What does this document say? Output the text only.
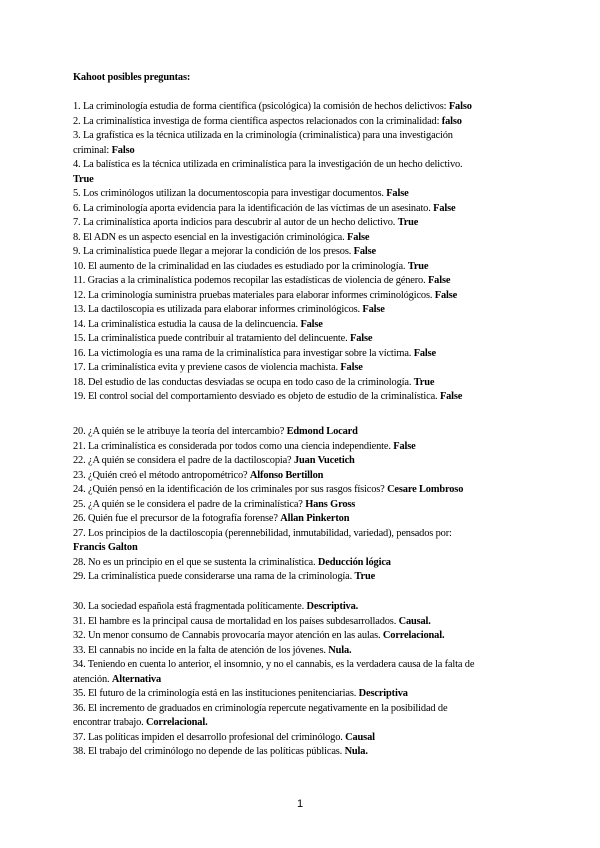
Kahoot posibles preguntas:
1. La criminología estudia de forma científica (psicológica) la comisión de hechos delictivos: Falso
2. La criminalística investiga de forma científica aspectos relacionados con la criminalidad: falso
3. La grafística es la técnica utilizada en la criminología (criminalística) para una investigación
criminal: Falso
4. La balística es la técnica utilizada en criminalística para la investigación de un hecho delictivo.
True
5. Los criminólogos utilizan la documentoscopia para investigar documentos. False
6. La criminología aporta evidencia para la identificación de las víctimas de un asesinato. False
7. La criminalística aporta indicios para descubrir al autor de un hecho delictivo. True
8. El ADN es un aspecto esencial en la investigación criminológica. False
9. La criminalística puede llegar a mejorar la condición de los presos. False
10. El aumento de la criminalidad en las ciudades es estudiado por la criminología. True
11. Gracias a la criminalística podemos recopilar las estadísticas de violencia de género. False
12. La criminología suministra pruebas materiales para elaborar informes criminológicos. False
13. La dactiloscopia es utilizada para elaborar informes criminológicos. False
14. La criminalística estudia la causa de la delincuencia. False
15. La criminalística puede contribuir al tratamiento del delincuente. False
16. La victimología es una rama de la criminalística para investigar sobre la víctima. False
17. La criminalística evita y previene casos de violencia machista. False
18. Del estudio de las conductas desviadas se ocupa en todo caso de la criminología. True
19. El control social del comportamiento desviado es objeto de estudio de la criminalística. False
20. ¿A quién se le atribuye la teoría del intercambio? Edmond Locard
21. La criminalística es considerada por todos como una ciencia independiente. False
22. ¿A quién se considera el padre de la dactiloscopia? Juan Vucetich
23. ¿Quién creó el método antropométrico? Alfonso Bertillon
24. ¿Quién pensó en la identificación de los criminales por sus rasgos físicos? Cesare Lombroso
25. ¿A quién se le considera el padre de la criminalística? Hans Gross
26. Quién fue el precursor de la fotografía forense? Allan Pinkerton
27. Los principios de la dactiloscopia (perennebilidad, inmutabilidad, variedad), pensados por:
Francis Galton
28. No es un principio en el que se sustenta la criminalística. Deducción lógica
29. La criminalística puede considerarse una rama de la criminología. True
30. La sociedad española está fragmentada políticamente. Descriptiva.
31. El hambre es la principal causa de mortalidad en los países subdesarrollados. Causal.
32. Un menor consumo de Cannabis provocaría mayor atención en las aulas. Correlacional.
33. El cannabis no incide en la falta de atención de los jóvenes. Nula.
34. Teniendo en cuenta lo anterior, el insomnio, y no el cannabis, es la verdadera causa de la falta de
atención. Alternativa
35. El futuro de la criminología está en las instituciones penitenciarias. Descriptiva
36. El incremento de graduados en criminología repercute negativamente en la posibilidad de
encontrar trabajo. Correlacional.
37. Las políticas impiden el desarrollo profesional del criminólogo. Causal
38. El trabajo del criminólogo no depende de las políticas públicas. Nula.
1
